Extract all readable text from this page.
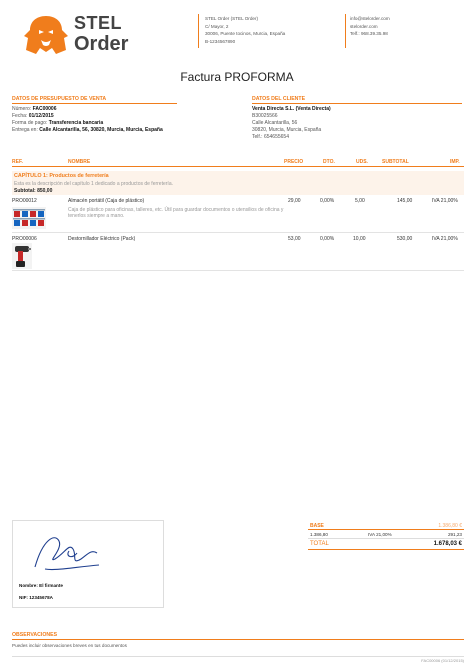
STEL
Order
STEL Order (STEL Order)
C/ Mayor, 2
30006, Puente tocinos, Murcia, España
B-1234567890
info@stelorder.com
stelorder.com
Telf.: 968.39.35.98
Factura PROFORMA
DATOS DE PRESUPUESTO DE VENTA
Número: FAC00006
Fecha: 01/12/2015
Forma de pago: Transferencia bancaria
Entrega en: Calle Alcantarilla, 56, 30820, Murcia, Murcia, España
DATOS DEL CLIENTE
Venta Directa S.L. (Venta Directa)
B30025566
Calle Alcantarilla, 56
30820, Murcia, Murcia, España
Telf.: 654655654
REF.	NOMBRE	PRECIO	DTO.	UDS.	SUBTOTAL	IMP.
CAPÍTULO 1: Productos de ferretería
Esta es la descripción del capítulo 1 dedicado a productos de ferretería.
Subtotal: 850,00
PRO00012	Almacén portátil (Caja de plástico)	29,00	0,00%	5,00	145,00	IVA 21,00%
Caja de plástico para oficinas, talleres, etc. Útil para guardar documentos o utensilios de oficina y tenerlos siempre a mano.
PRO00006	Destornillador Eléctrico (Pack)	53,00	0,00%	10,00	530,00	IVA 21,00%
Nombre: El firmante
NIF: 12345678A
BASE	1.386,80 €
1.386,80	IVA 21,00%	291,23
TOTAL	1.678,03 €
OBSERVACIONES
Puedes incluir observaciones breves en tus documentos
FAC00006 (01/12/2015)
